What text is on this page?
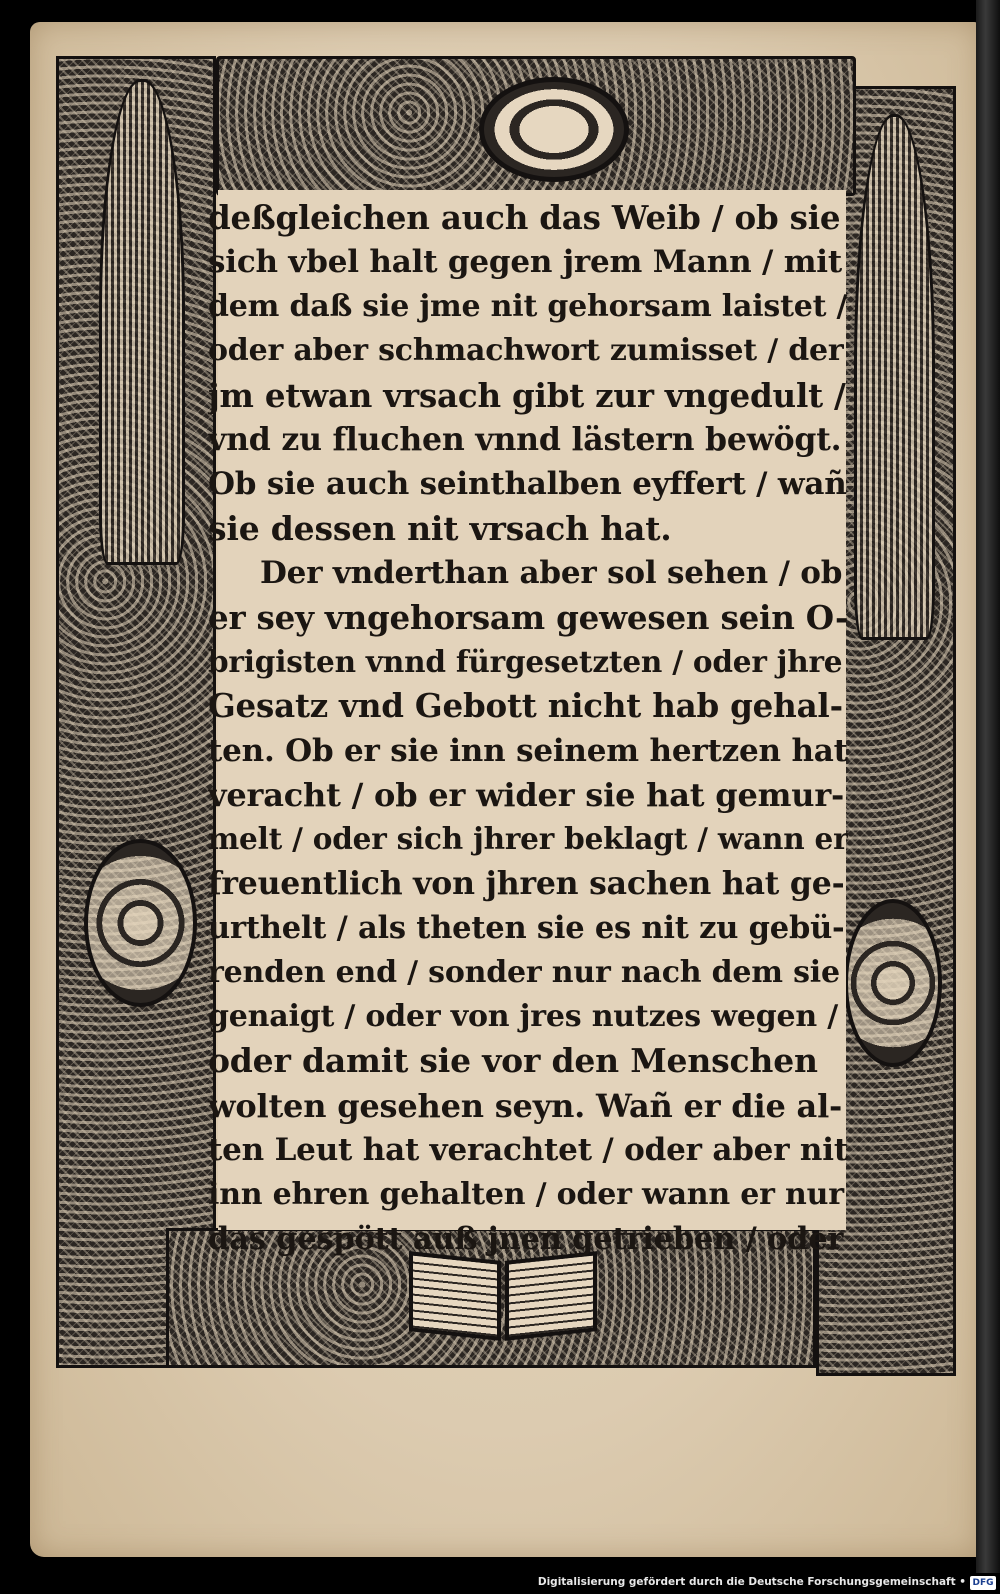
deßgleichen auch das Weib / ob sie
sich vbel halt gegen jrem Mann / mit
dem daß sie jme nit gehorsam laistet /
oder aber schmachwort zumisset / der
jm etwan vrsach gibt zur vngedult /
vnd zu fluchen vnnd lästern bewögt.
Ob sie auch seinthalben eyffert / wañ
sie dessen nit vrsach hat.
Der vnderthan aber sol sehen / ob
er sey vngehorsam gewesen sein O-
brigisten vnnd fürgesetzten / oder jhre
Gesatz vnd Gebott nicht hab gehal-
ten. Ob er sie inn seinem hertzen hat
veracht / ob er wider sie hat gemur-
melt / oder sich jhrer beklagt / wann er
freuentlich von jhren sachen hat ge-
urthelt / als theten sie es nit zu gebü-
renden end / sonder nur nach dem sie
genaigt / oder von jres nutzes wegen /
oder damit sie vor den Menschen
wolten gesehen seyn. Wañ er die al-
ten Leut hat verachtet / oder aber nit
inn ehren gehalten / oder wann er nur
das gespött auß jnen getrieben / oder
Digitalisierung gefördert durch die Deutsche Forschungsgemeinschaft • DFG
